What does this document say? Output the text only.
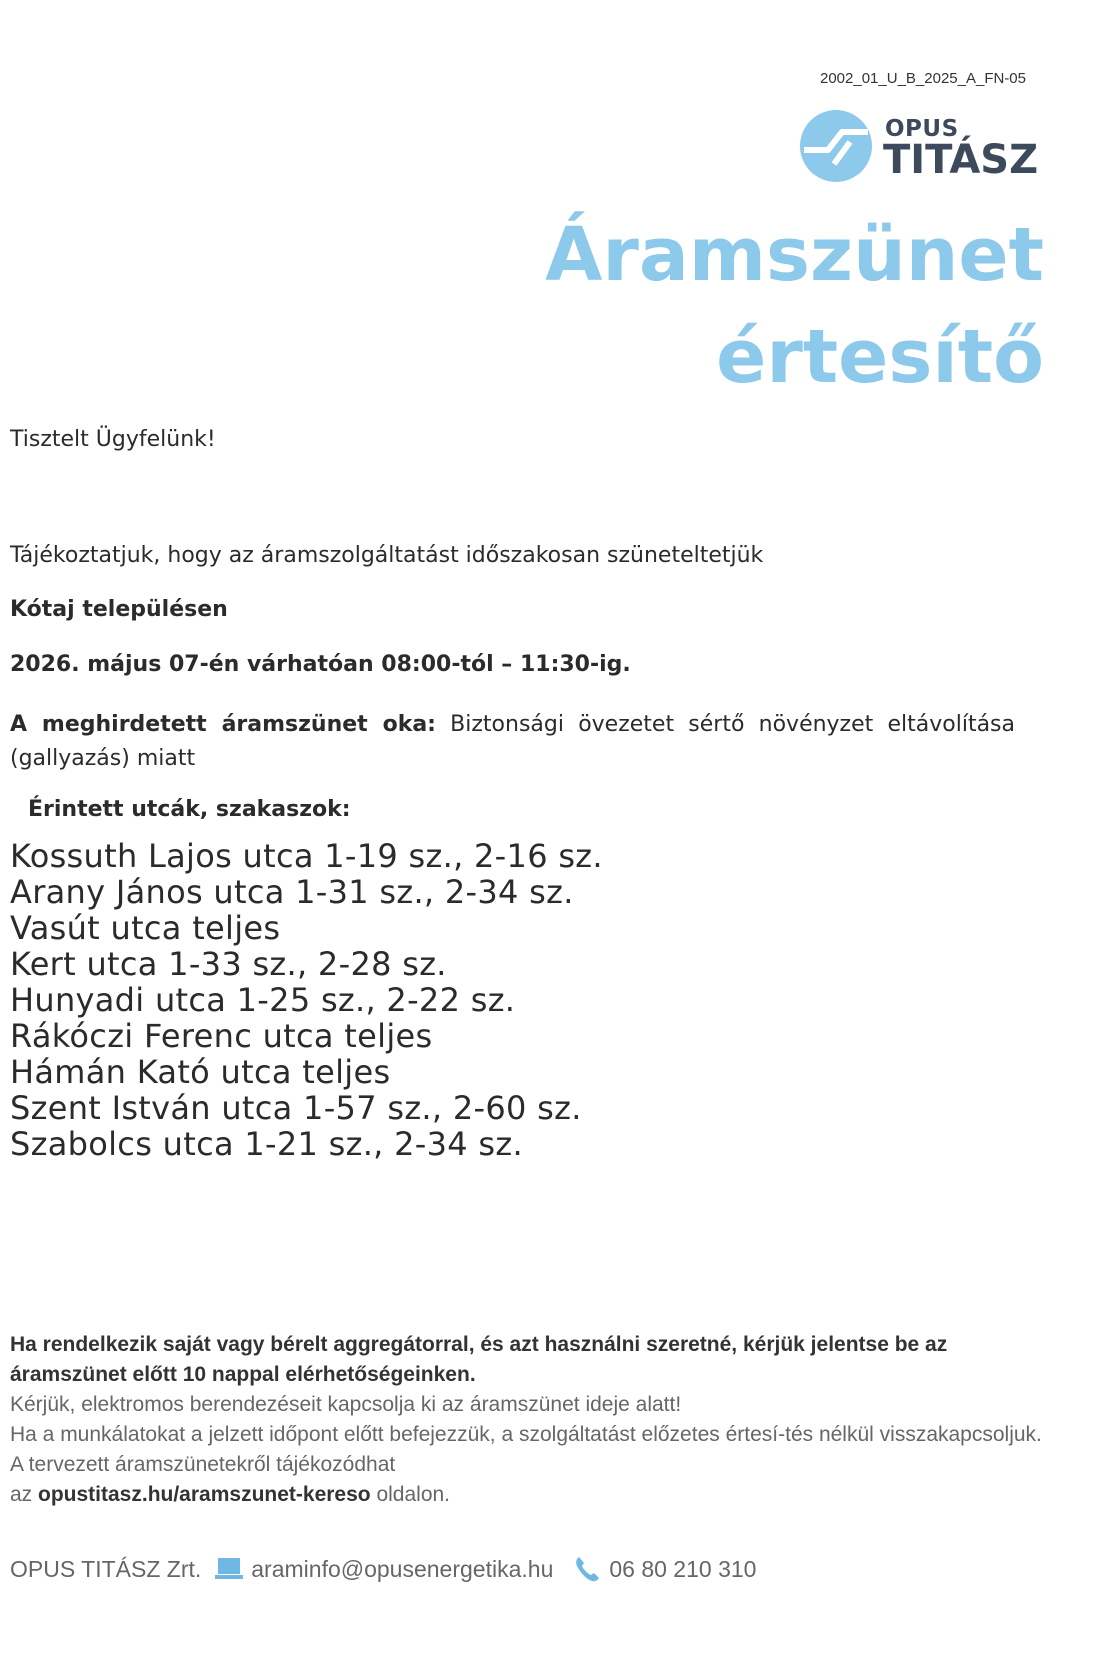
2002_01_U_B_2025_A_FN-05
OPUS
TITÁSZ
Áramszünet
értesítő
Tisztelt Ügyfelünk!
Tájékoztatjuk, hogy az áramszolgáltatást időszakosan szüneteltetjük
Kótaj településen
2026. május 07-én várhatóan 08:00-tól – 11:30-ig.
A meghirdetett áramszünet oka: Biztonsági övezetet sértő növényzet eltávolítása (gallyazás) miatt
Érintett utcák, szakaszok:
Kossuth Lajos utca 1-19 sz., 2-16 sz.
Arany János utca 1-31 sz., 2-34 sz.
Vasút utca teljes
Kert utca 1-33 sz., 2-28 sz.
Hunyadi utca 1-25 sz., 2-22 sz.
Rákóczi Ferenc utca teljes
Hámán Kató utca teljes
Szent István utca 1-57 sz., 2-60 sz.
Szabolcs utca 1-21 sz., 2-34 sz.
Ha rendelkezik saját vagy bérelt aggregátorral, és azt használni szeretné, kérjük jelentse be az áramszünet előtt 10 nappal elérhetőségeinken.
Kérjük, elektromos berendezéseit kapcsolja ki az áramszünet ideje alatt!
Ha a munkálatokat a jelzett időpont előtt befejezzük, a szolgáltatást előzetes értesí-tés nélkül visszakapcsoljuk. A tervezett áramszünetekről tájékozódhat
az opustitasz.hu/aramszunet-kereso oldalon.
OPUS TITÁSZ Zrt. araminfo@opusenergetika.hu 06 80 210 310
